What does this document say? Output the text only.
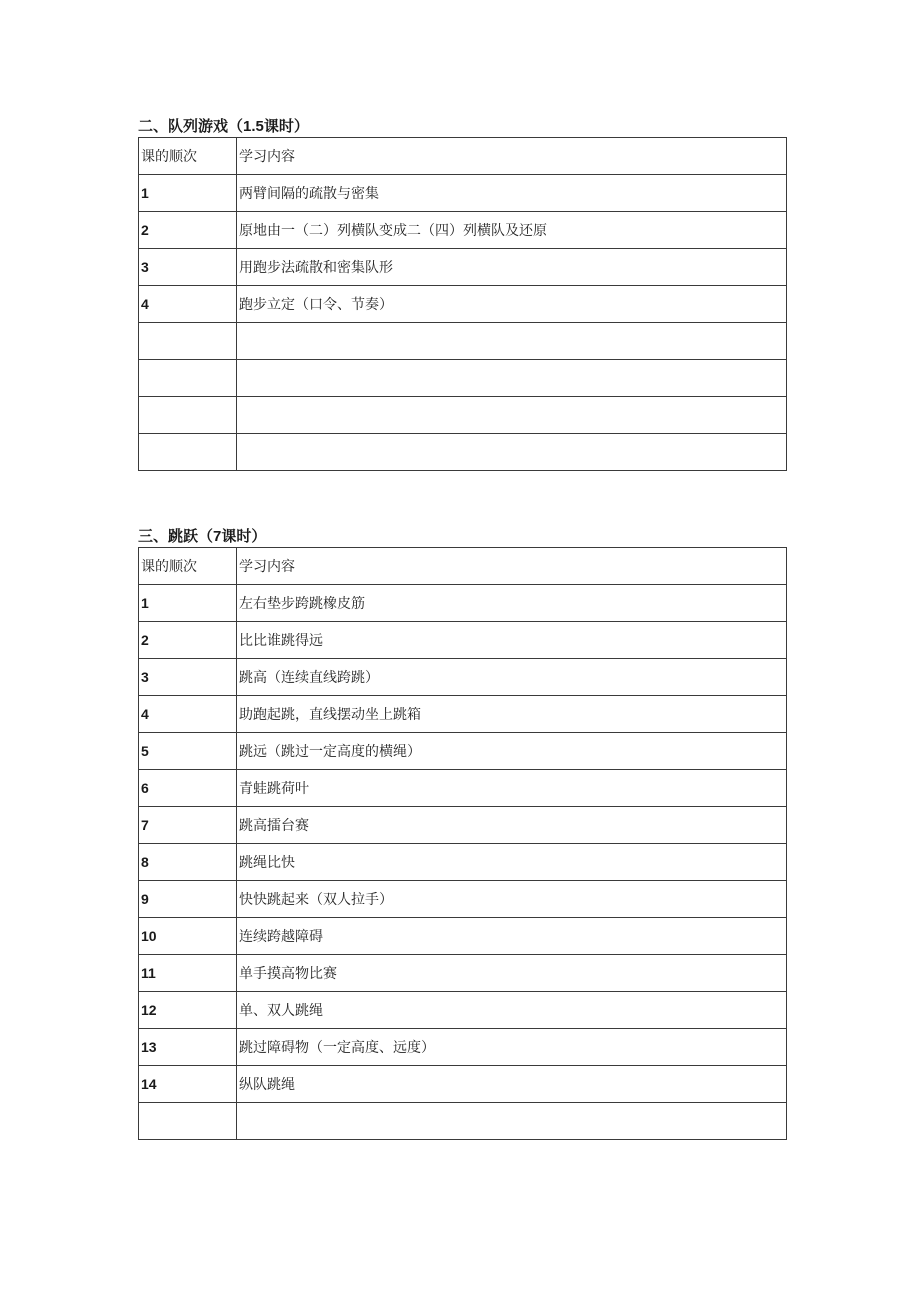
二、队列游戏（1.5课时）
课的顺次	学习内容
1	两臂间隔的疏散与密集
2	原地由一（二）列横队变成二（四）列横队及还原
3	用跑步法疏散和密集队形
4	跑步立定（口令、节奏）

三、跳跃（7课时）
课的顺次	学习内容
1	左右垫步跨跳橡皮筋
2	比比谁跳得远
3	跳高（连续直线跨跳）
4	助跑起跳，直线摆动坐上跳箱
5	跳远（跳过一定高度的横绳）
6	青蛙跳荷叶
7	跳高擂台赛
8	跳绳比快
9	快快跳起来（双人拉手）
10	连续跨越障碍
11	单手摸高物比赛
12	单、双人跳绳
13	跳过障碍物（一定高度、远度）
14	纵队跳绳
